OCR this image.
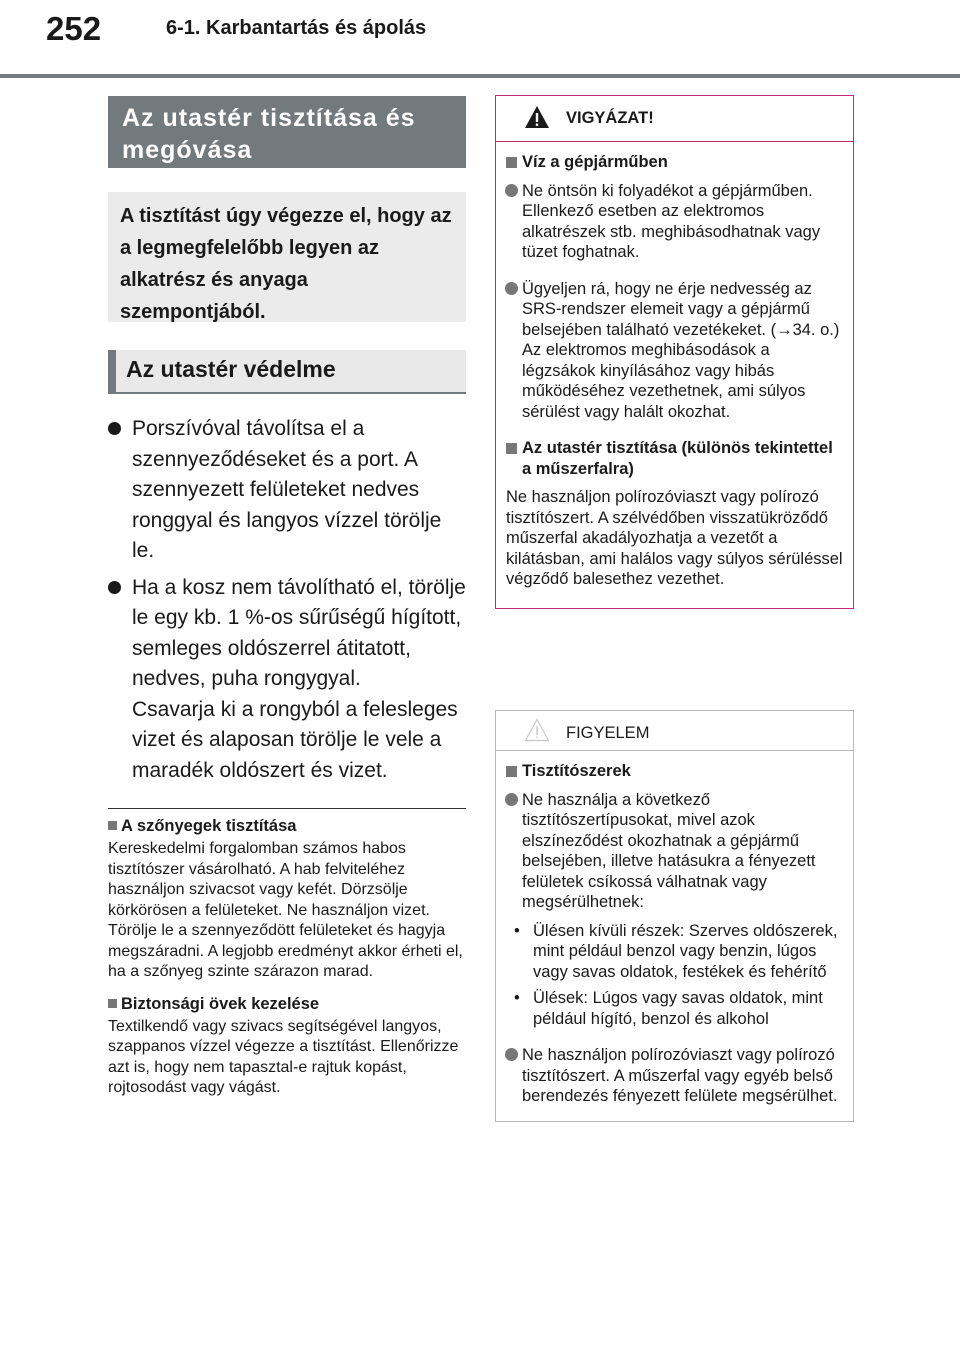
252	6-1. Karbantartás és ápolás
Az utastér tisztítása és megóvása
A tisztítást úgy végezze el, hogy az a legmegfelelőbb legyen az alkatrész és anyaga szempontjából.
Az utastér védelme

Porszívóval távolítsa el a szennyeződéseket és a port. A szennyezett felületeket nedves ronggyal és langyos vízzel törölje le.

Ha a kosz nem távolítható el, törölje le egy kb. 1 %-os sűrűségű hígított, semleges oldószerrel átitatott, nedves, puha rongygyal.

Csavarja ki a rongyból a felesleges vizet és alaposan törölje le vele a maradék oldószert és vizet.

A szőnyegek tisztítása

Kereskedelmi forgalomban számos habos tisztítószer vásárolható. A hab felviteléhez használjon szivacsot vagy kefét. Dörzsölje körkörösen a felületeket. Ne használjon vizet. Törölje le a szennyeződött felületeket és hagyja megszáradni. A legjobb eredményt akkor érheti el, ha a szőnyeg szinte szárazon marad.

Biztonsági övek kezelése

Textilkendő vagy szivacs segítségével langyos, szappanos vízzel végezze a tisztítást. Ellenőrizze azt is, hogy nem tapasztal-e rajtuk kopást, rojtosodást vagy vágást.

VIGYÁZAT!
Víz a gépjárműben

Ne öntsön ki folyadékot a gépjárműben.

Ellenkező esetben az elektromos alkatrészek stb. meghibásodhatnak vagy tüzet foghatnak.

Ügyeljen rá, hogy ne érje nedvesség az SRS-rendszer elemeit vagy a gépjármű belsejében található vezetékeket. (→34. o.)

Az elektromos meghibásodások a légzsákok kinyílásához vagy hibás működéséhez vezethetnek, ami súlyos sérülést vagy halált okozhat.

Az utastér tisztítása (különös tekintettel a műszerfalra)

Ne használjon polírozóviaszt vagy polírozó tisztítószert. A szélvédőben visszatükröződő műszerfal akadályozhatja a vezetőt a kilátásban, ami halálos vagy súlyos sérüléssel végződő balesethez vezethet.

FIGYELEM
Tisztítószerek

Ne használja a következő tisztítószertípusokat, mivel azok elszíneződést okozhatnak a gépjármű belsejében, illetve hatásukra a fényezett felületek csíkossá válhatnak vagy megsérülhetnek:

• Ülésen kívüli részek: Szerves oldószerek, mint például benzol vagy benzin, lúgos vagy savas oldatok, festékek és fehérítő
• Ülések: Lúgos vagy savas oldatok, mint például hígító, benzol és alkohol

Ne használjon polírozóviaszt vagy polírozó tisztítószert. A műszerfal vagy egyéb belső berendezés fényezett felülete megsérülhet.
